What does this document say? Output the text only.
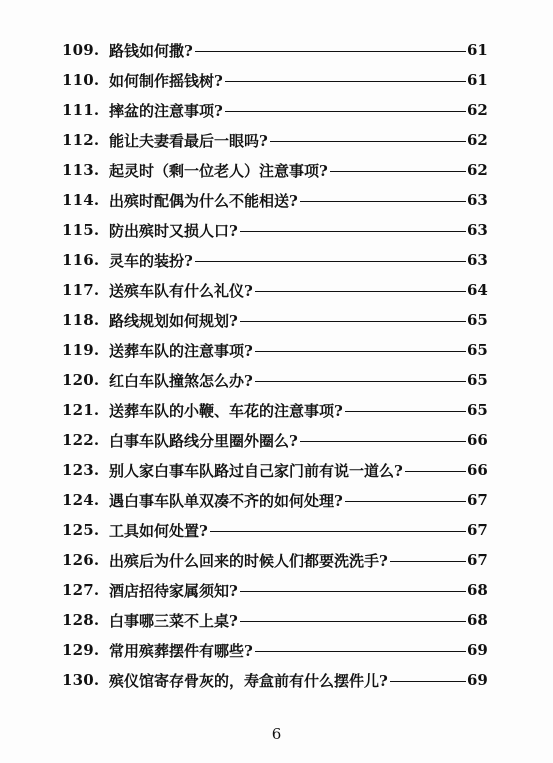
109. 路钱如何撒?	61
110. 如何制作摇钱树?	61
111. 摔盆的注意事项?	62
112. 能让夫妻看最后一眼吗?	62
113. 起灵时（剩一位老人）注意事项?	62
114. 出殡时配偶为什么不能相送?	63
115. 防出殡时又损人口?	63
116. 灵车的装扮?	63
117. 送殡车队有什么礼仪?	64
118. 路线规划如何规划?	65
119. 送葬车队的注意事项?	65
120. 红白车队撞煞怎么办?	65
121. 送葬车队的小鞭、车花的注意事项?	65
122. 白事车队路线分里圈外圈么?	66
123. 别人家白事车队路过自己家门前有说一道么?	66
124. 遇白事车队单双凑不齐的如何处理?	67
125. 工具如何处置?	67
126. 出殡后为什么回来的时候人们都要洗洗手?	67
127. 酒店招待家属须知?	68
128. 白事哪三菜不上桌?	68
129. 常用殡葬摆件有哪些?	69
130. 殡仪馆寄存骨灰的，寿盒前有什么摆件儿?	69
6
